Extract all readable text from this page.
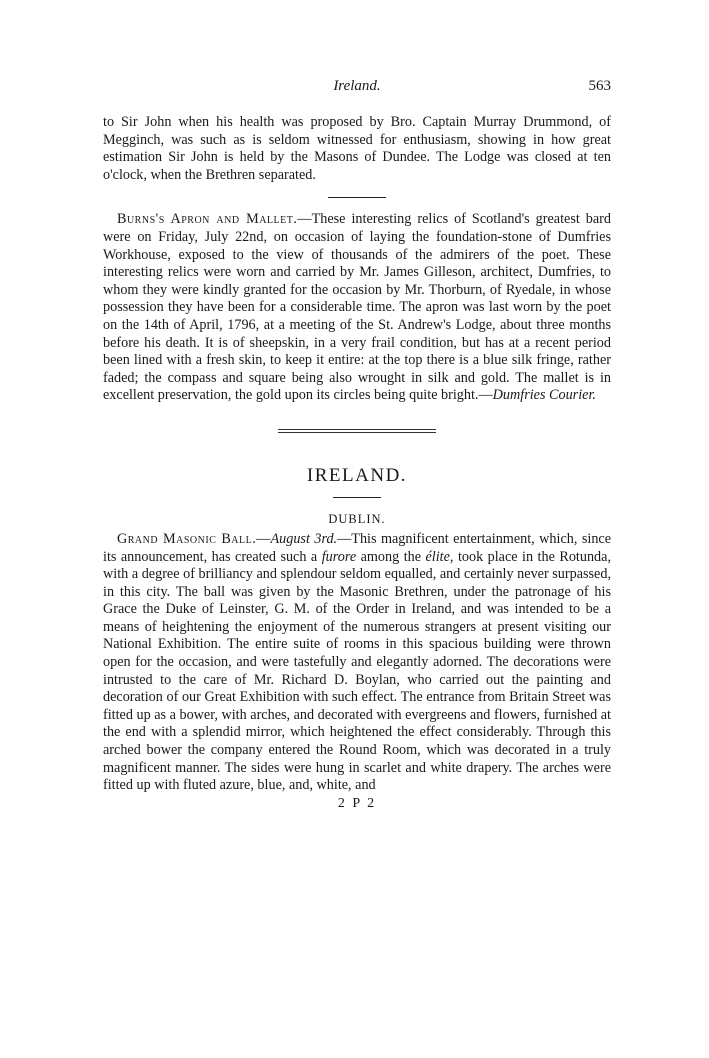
Ireland.	563

to Sir John when his health was proposed by Bro. Captain Murray Drummond, of Megginch, was such as is seldom witnessed for enthusiasm, showing in how great estimation Sir John is held by the Masons of Dundee. The Lodge was closed at ten o'clock, when the Brethren separated.

Burns's Apron and Mallet.—These interesting relics of Scotland's greatest bard were on Friday, July 22nd, on occasion of laying the foundation-stone of Dumfries Workhouse, exposed to the view of thousands of the admirers of the poet. These interesting relics were worn and carried by Mr. James Gilleson, architect, Dumfries, to whom they were kindly granted for the occasion by Mr. Thorburn, of Ryedale, in whose possession they have been for a considerable time. The apron was last worn by the poet on the 14th of April, 1796, at a meeting of the St. Andrew's Lodge, about three months before his death. It is of sheepskin, in a very frail condition, but has at a recent period been lined with a fresh skin, to keep it entire: at the top there is a blue silk fringe, rather faded; the compass and square being also wrought in silk and gold. The mallet is in excellent preservation, the gold upon its circles being quite bright.—Dumfries Courier.

IRELAND.
DUBLIN.

Grand Masonic Ball.—August 3rd.—This magnificent entertainment, which, since its announcement, has created such a furore among the élite, took place in the Rotunda, with a degree of brilliancy and splendour seldom equalled, and certainly never surpassed, in this city. The ball was given by the Masonic Brethren, under the patronage of his Grace the Duke of Leinster, G. M. of the Order in Ireland, and was intended to be a means of heightening the enjoyment of the numerous strangers at present visiting our National Exhibition. The entire suite of rooms in this spacious building were thrown open for the occasion, and were tastefully and elegantly adorned. The decorations were intrusted to the care of Mr. Richard D. Boylan, who carried out the painting and decoration of our Great Exhibition with such effect. The entrance from Britain Street was fitted up as a bower, with arches, and decorated with evergreens and flowers, furnished at the end with a splendid mirror, which heightened the effect considerably. Through this arched bower the company entered the Round Room, which was decorated in a truly magnificent manner. The sides were hung in scarlet and white drapery. The arches were fitted up with fluted azure, blue, and, white, and

2 P 2
